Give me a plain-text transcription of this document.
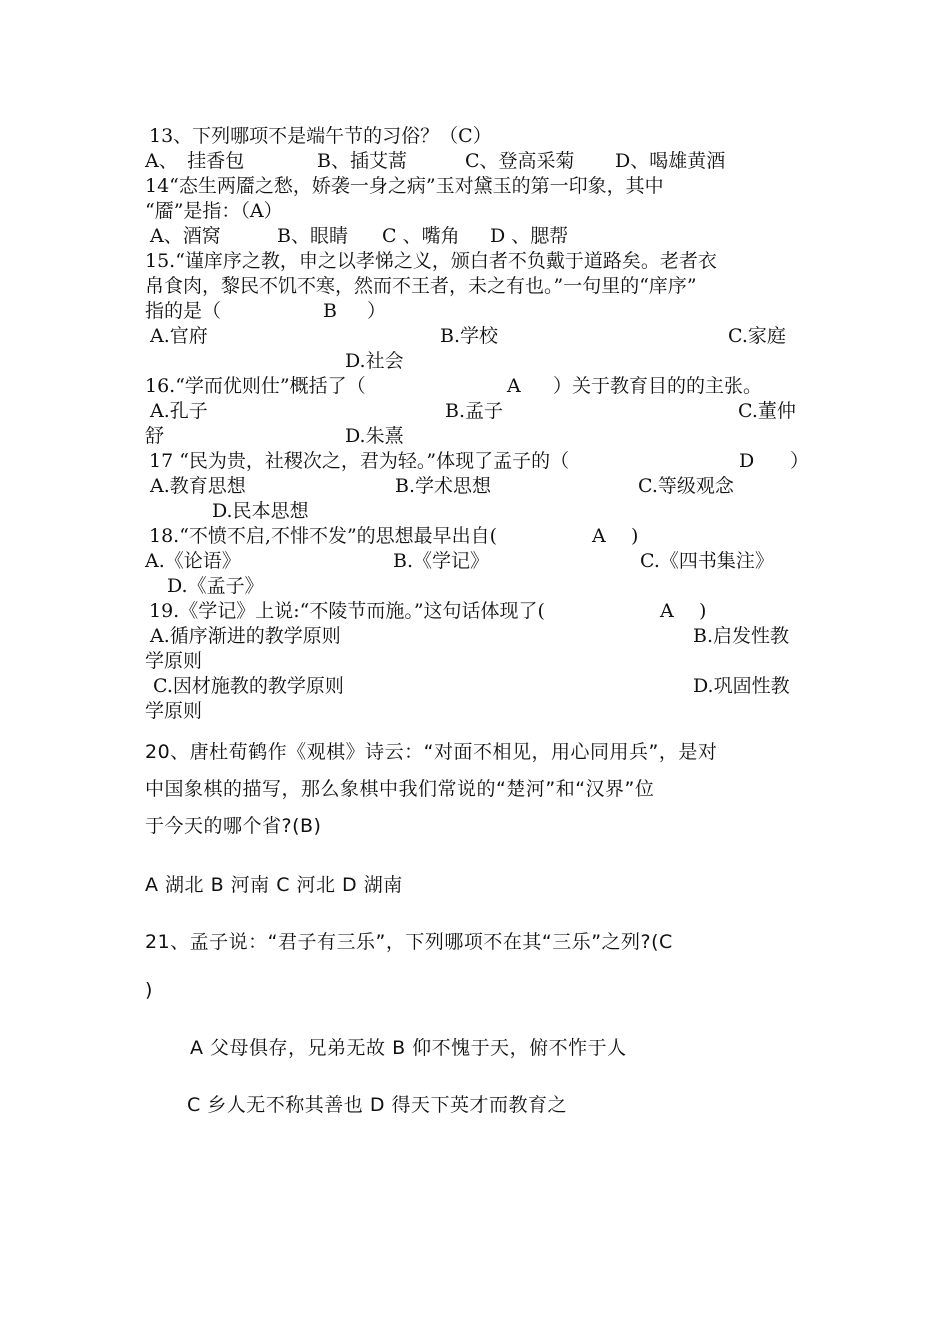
13、下列哪项不是端午节的习俗？（C）
A、　挂香包	B、插艾蒿	C、登高采菊 D、喝雄黄酒
14“态生两靥之愁，娇袭一身之病”玉对黛玉的第一印象，其中
“靥”是指：（A）
A、酒窝	B、眼睛 C 、嘴角 D 、腮帮
15.“谨庠序之教，申之以孝悌之义，颁白者不负戴于道路矣。老者衣
帛食肉，黎民不饥不寒，然而不王者，未之有也。”一句里的“庠序”
指的是（	B ）
A.官府	B.学校	C.家庭
D.社会
16.“学而优则仕”概括了（	A ）关于教育目的的主张。
A.孔子	B.孟子	C.董仲
舒	D.朱熹
17 “民为贵，社稷次之，君为轻。”体现了孟子的（	D ）
A.教育思想	B.学术思想	C.等级观念
D.民本思想
18.“不愤不启,不悱不发”的思想最早出自(	A )
A.《论语》	B.《学记》	C.《四书集注》
D.《孟子》
19.《学记》上说:“不陵节而施。”这句话体现了(	A )
A.循序渐进的教学原则	B.启发性教
学原则
C.因材施教的教学原则	D.巩固性教
学原则
20、唐杜荀鹤作《观棋》诗云：“对面不相见，用心同用兵”，是对
中国象棋的描写，那么象棋中我们常说的“楚河”和“汉界”位
于今天的哪个省?(B)
A 湖北 B 河南 C 河北 D 湖南
21、孟子说：“君子有三乐”，下列哪项不在其“三乐”之列?(C
)
A 父母俱存，兄弟无故 B 仰不愧于天，俯不怍于人
C 乡人无不称其善也 D 得天下英才而教育之
